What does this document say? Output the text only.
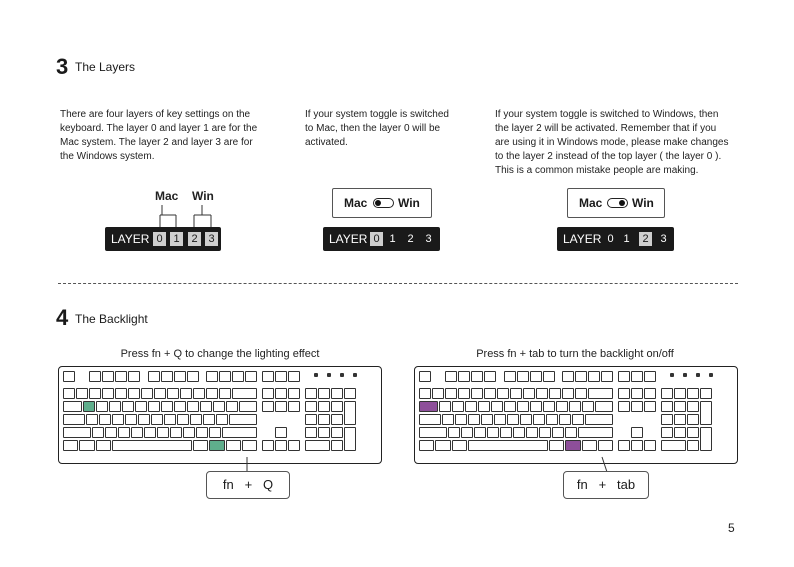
3 The Layers
There are four layers of key settings on the
keyboard. The layer 0 and layer 1 are for the
Mac system. The layer 2 and layer 3 are for
the Windows system.
Mac Win
LAYER 0 1	2 3
If your system toggle is switched
to Mac, then the layer 0 will be
activated.
Mac	Win
LAYER 0 1	2	3
If your system toggle is switched to Windows, then
the layer 2 will be activated. Remember that if you
are using it in Windows mode, please make changes
to the layer 2 instead of the top layer ( the layer 0 ).
This is a common mistake people are making.
Mac Win
LAYER 0 1	2	3
4 The Backlight
Press fn + Q to change the lighting effect	Press fn + tab to turn the backlight on/off
fn + Q	fn + tab
5
